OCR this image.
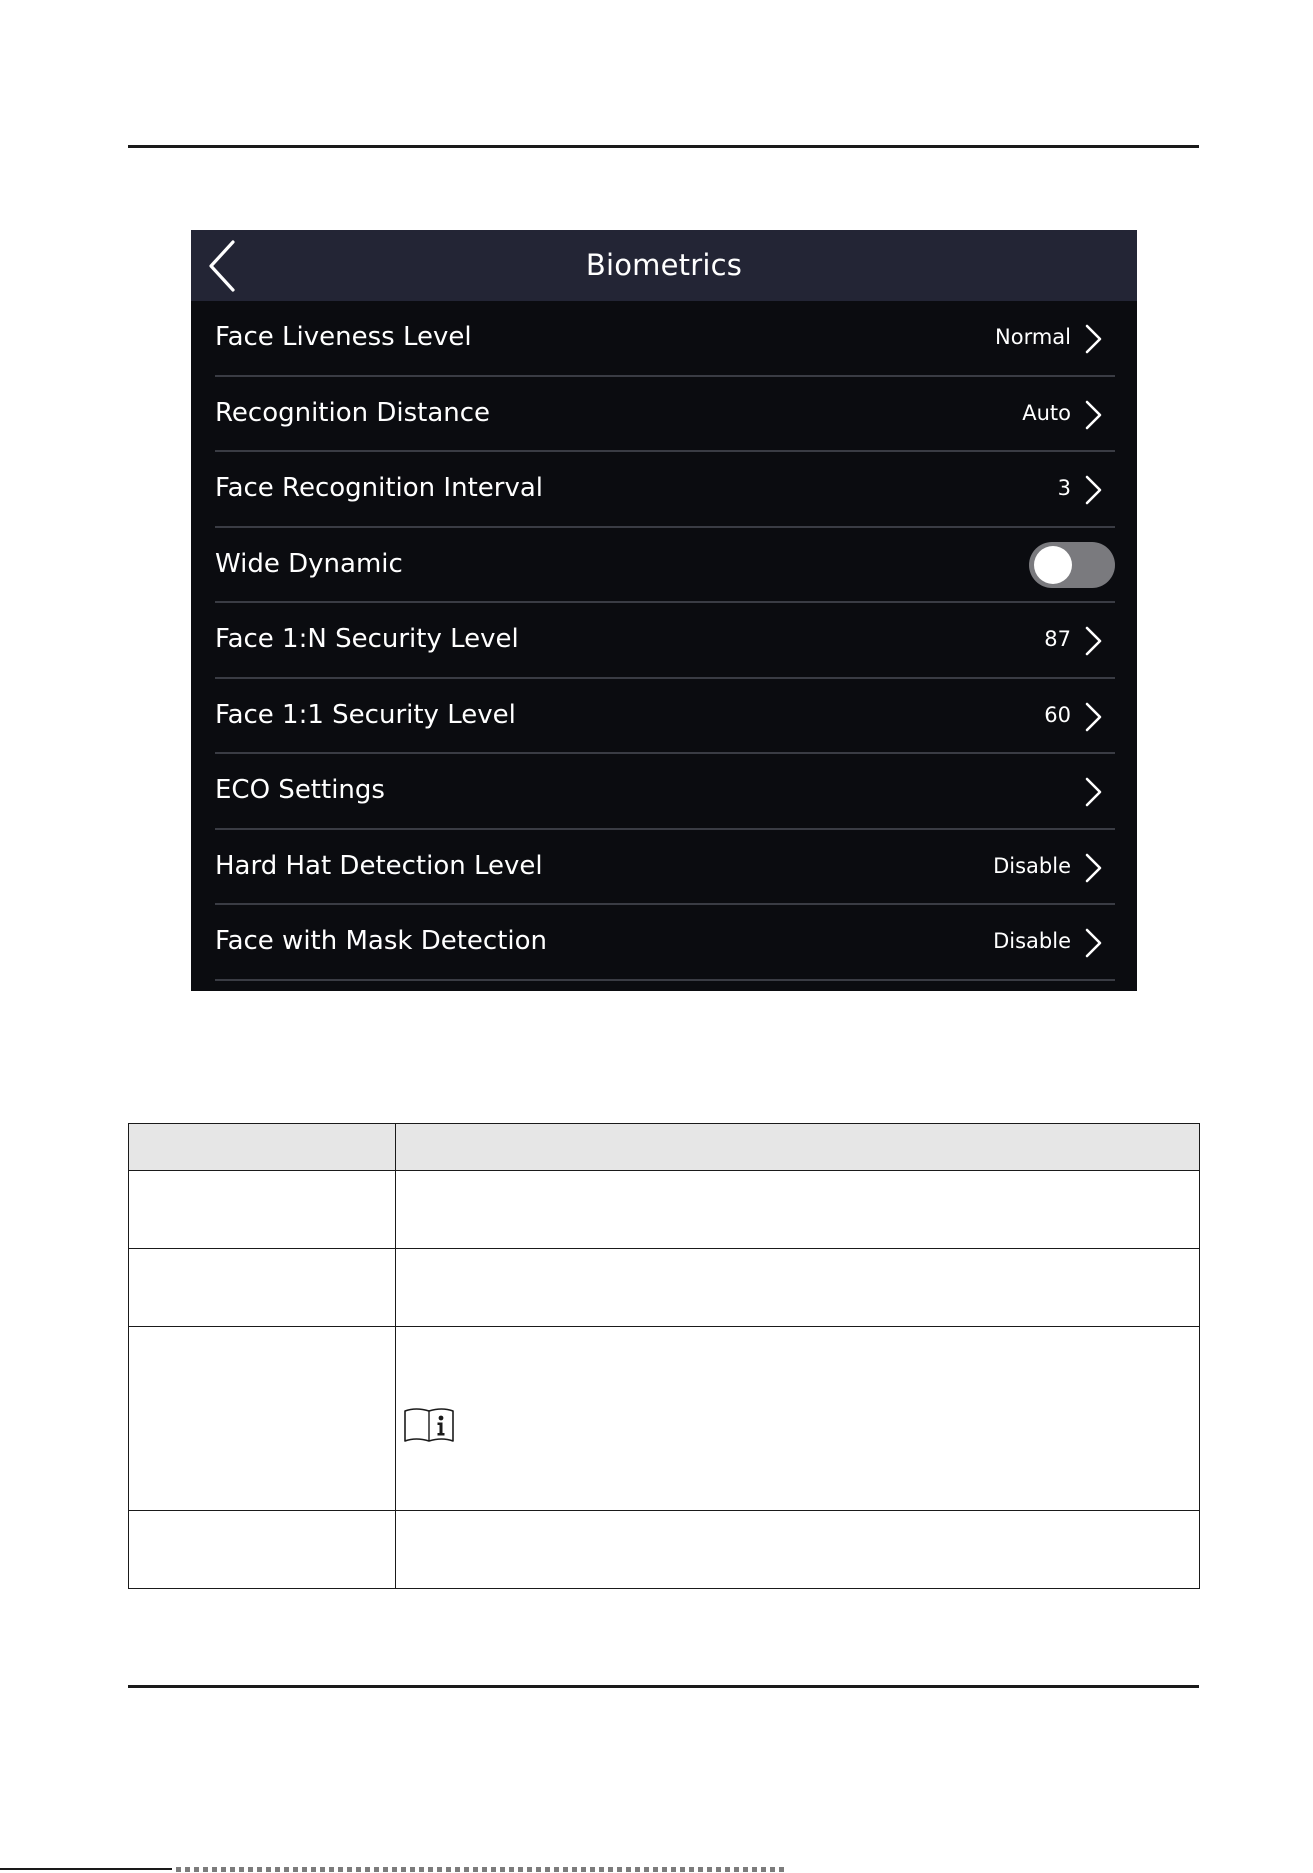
Biometrics
Face Liveness Level	Normal
Recognition Distance	Auto
Face Recognition Interval	3
Wide Dynamic
Face 1:N Security Level	87
Face 1:1 Security Level	60
ECO Settings
Hard Hat Detection Level	Disable
Face with Mask Detection	Disable
